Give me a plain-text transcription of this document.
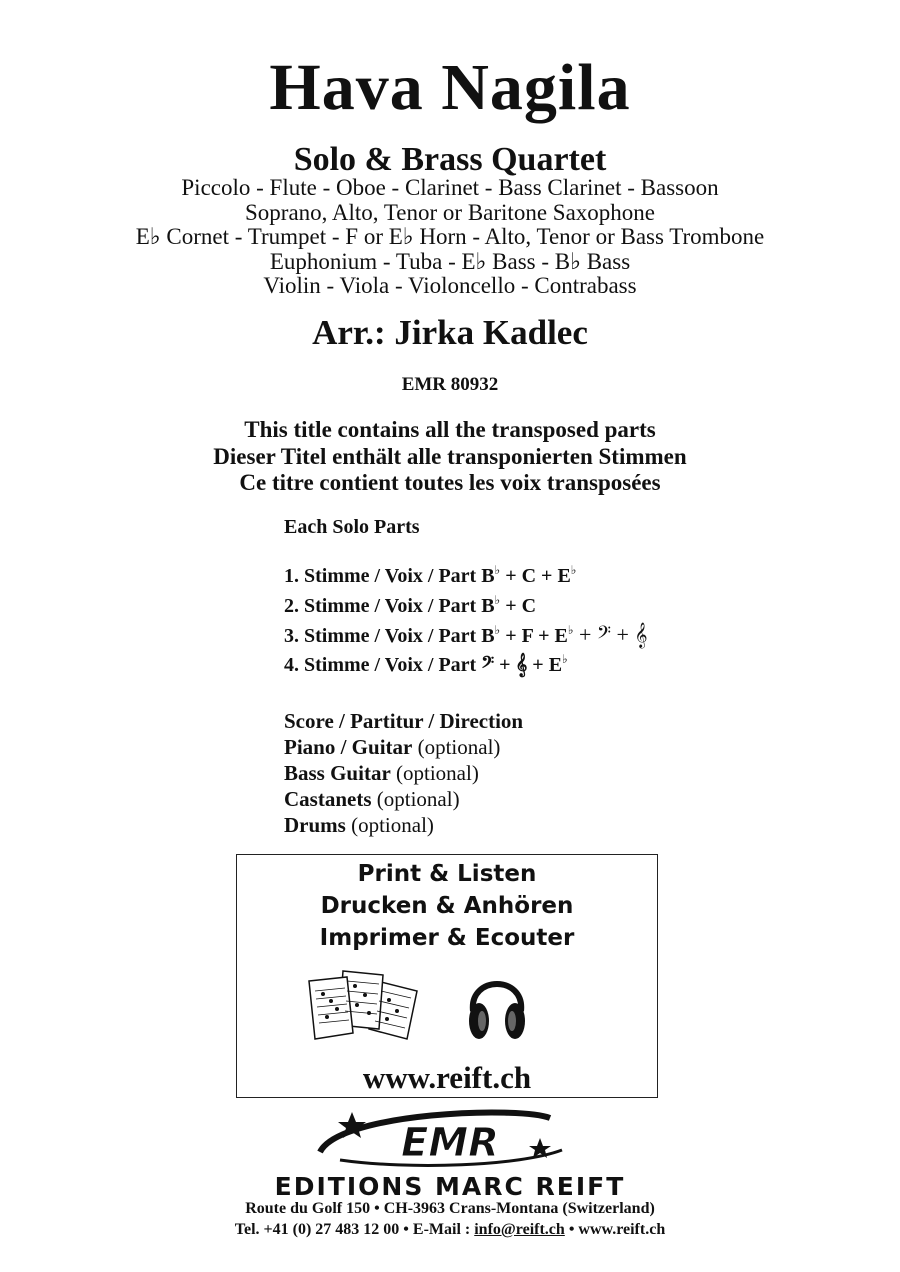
Hava Nagila
Solo & Brass Quartet
Piccolo - Flute - Oboe - Clarinet - Bass Clarinet - Bassoon
Soprano, Alto, Tenor or Baritone Saxophone
E♭ Cornet - Trumpet - F or E♭ Horn - Alto, Tenor or Bass Trombone
Euphonium - Tuba - E♭ Bass - B♭ Bass
Violin - Viola - Violoncello - Contrabass
Arr.: Jirka Kadlec
EMR 80932
This title contains all the transposed parts
Dieser Titel enthält alle transponierten Stimmen
Ce titre contient toutes les voix transposées
Each Solo Parts
1. Stimme / Voix / Part B♭ + C + E♭
2. Stimme / Voix / Part B♭ + C
3. Stimme / Voix / Part B♭ + F + E♭ + 𝄢 + 𝄞
4. Stimme / Voix / Part 𝄢 + 𝄞 + E♭
Score / Partitur / Direction
Piano / Guitar (optional)
Bass Guitar (optional)
Castanets (optional)
Drums (optional)
Print & Listen
Drucken & Anhören
Imprimer & Ecouter
www.reift.ch
EMR
EDITIONS MARC REIFT
Route du Golf 150 • CH-3963 Crans-Montana (Switzerland)
Tel. +41 (0) 27 483 12 00 • E-Mail : info@reift.ch • www.reift.ch
